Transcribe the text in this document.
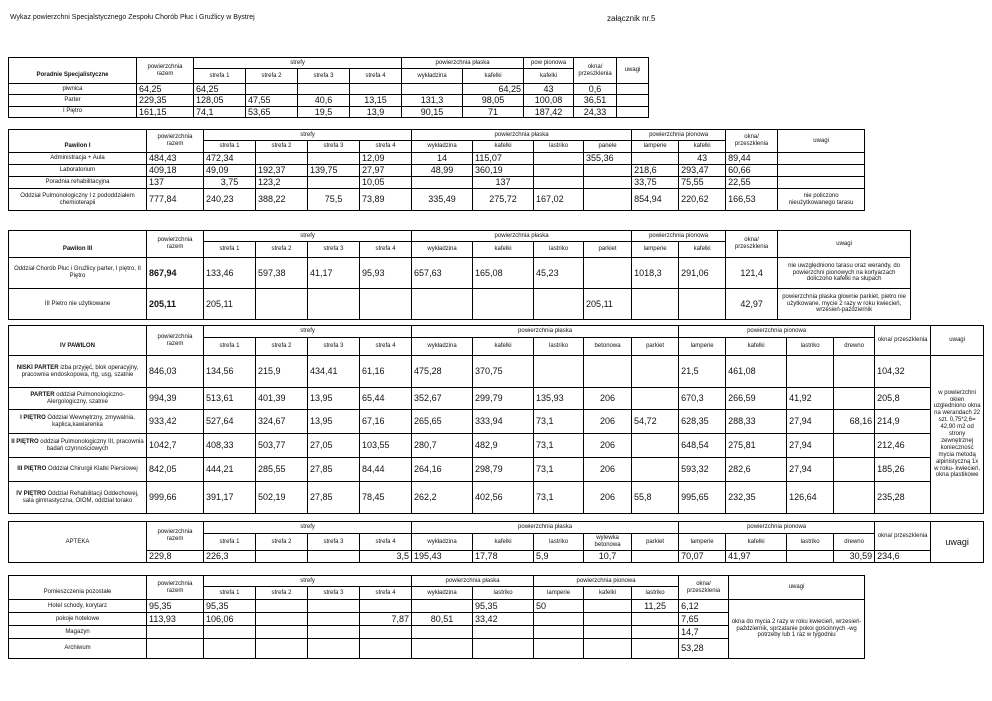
Wykaz powierzchni Specjalstycznego Zespołu Chorób Płuc i Gruźlicy w Bystrej	załącznik nr.5
	powierzchnia razem	strefy				powierzchnia płaska		pow pionowa	okna/ przeszklenia	uwagi
Poradnie Specjalistyczne		strefa 1	strefa 2	strefa 3	strefa 4	wykładzina	kafelki	kafelki		
piwnica	64,25	64,25					64,25	43	0,6	
Parter	229,35	128,05	47,55	40,6	13,15	131,3	98,05	100,08	36,51	
I Piętro	161,15	74,1	53,65	19,5	13,9	90,15	71	187,42	24,33	
	powierzchnia razem	strefy				powierzchnia płaska				powierzchnia pionowa		okna/ przeszklenia	uwagi
Pawilon I		strefa 1	strefa 2	strefa 3	strefa 4	wykładzina	kafelki	lastriko	panele	lamperie	kafelki		
Administracja + Aula	484,43	472,34			12,09	14	115,07		355,36		43	89,44	
Laboratorium	409,18	49,09	192,37	139,75	27,97	48,99	360,19			218,6	293,47	60,66	
Poradnia rehabilitacyjna	137	3,75	123,2		10,05		137			33,75	75,55	22,55	
Oddział Pulmonologiczny I z pododdziałem chemioterapii	777,84	240,23	388,22	75,5	73,89	335,49	275,72	167,02		854,94	220,62	166,53	nie policzono nieużytkowanego tarasu
	powierzchnia razem	strefy				powierzchnia płaska				powierzchnia pionowa		okna/ przeszklenia	uwagi
Pawilon III		strefa 1	strefa 2	strefa 3	strefa 4	wykładzina	kafelki	lastriko	parkiet	lamperie	kafelki		
Oddział Chorób Płuc i Gruźlicy parter, I piętro, II Piętro	867,94	133,46	597,38	41,17	95,93	657,63	165,08	45,23		1018,3	291,06	121,4	nie uwzględniono tarasu oraz werandy, do powierzchni pionowych na kortyarzach doliczono kafelki na słupach
III Pietro nie użytkowane	205,11	205,11							205,11			42,97	powierzchnia płaska głownie parkiet, pietro nie użytkowane, mycie 2 razy w roku kwiecień, wrzesień-październik
	powierzchnia razem	strefy				powierzchnia płaska					powierzchnia pionowa				okna/ przeszklenia	uwagi
IV PAWILON		strefa 1	strefa 2	strefa 3	strefa 4	wykładzina	kafelki	lastriko	betonowa	parkiet	lamperie	kafelki	lastriko	drewno		
NISKI PARTER izba przyjęć, blok operacyjny, pracownia endoskopowa, rtg, usg, szatnie	846,03	134,56	215,9	434,41	61,16	475,28	370,75				21,5	461,08			104,32	w powierzchni okien uzgledniono okna na werandach 22 szt. 0,75*2,6= 42,90 m2 od strony zewnętrznej konieczność mycia metodą alpinistyczną 1x w roku- kwiecień, okna plastikowe
PARTER oddział Pulmonologiczno-Alergologiczny, szatnie	994,39	513,61	401,39	13,95	65,44	352,67	299,79	135,93	206		670,3	266,59	41,92		205,8	
I PIĘTRO Oddział Wewnętrzny, zmywalnia, kaplica,kawiarenka	933,42	527,64	324,67	13,95	67,16	265,65	333,94	73,1	206	54,72	628,35	288,33	27,94	68,16	214,9	
II PIĘTRO oddział Pulmonologiczny III, pracownia badań czynnościowych	1042,7	408,33	503,77	27,05	103,55	280,7	482,9	73,1	206		648,54	275,81	27,94		212,46	
III PIĘTRO Oddział Chirurgii Klatki Piersiowej	842,05	444,21	285,55	27,85	84,44	264,16	298,79	73,1	206		593,32	282,6	27,94		185,26	
IV PIĘTRO Oddział Rehabilitacji Oddechowej, sala gimnastyczna, OIOM, oddział torako	999,66	391,17	502,19	27,85	78,45	262,2	402,56	73,1	206	55,8	995,65	232,35	126,64		235,28	
	powierzchnia razem	strefy				powierzchnia płaska					powierzchnia pionowa				okna/ przeszklenia	uwagi
APTEKA		strefa 1	strefa 2	strefa 3	strefa 4	wykładzina	kafelki	lastriko	wylewka betonowa	parkiet	lamperie	kafelki	lastriko	drewno		
	229,8	226,3			3,5	195,43	17,78	5,9	10,7		70,07	41,97		30,59	234,6	
	powierzchnia razem	strefy				powierzchnia płaska		powierzchnia pionowa			okna/ przeszklenia	uwagi
Pomieszczenia pozostałe		strefa 1	strefa 2	strefa 3	strefa 4	wykładzina	lastriko	lamperie	kafelki	lastriko		
Hotel schody, korytarz	95,35	95,35					95,35	50		11,25	6,12	okna do mycia 2 razy w roku kwiecień, wrzesień-październik, sprzatanie pokoi gościnnych -wg potrzeby lub 1 raz w tygodniu
pokoje hotelowe	113,93	106,06			7,87	80,51	33,42				7,65	
Magazyn											14,7	
Archiwum											53,28	
